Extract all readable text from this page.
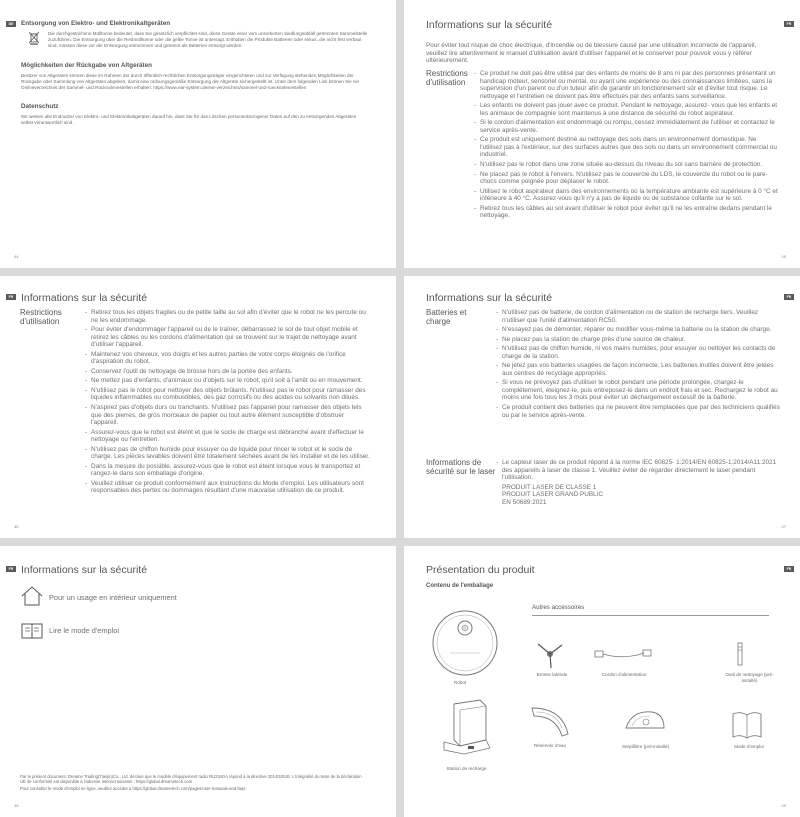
DE	Entsorgung von Elektro- und Elektronikaltgeräten
Die durchgestrichene Mülltonne bedeutet, dass Sie gesetzlich verpflichtet sind, diese Geräte einer vom unsortierten Siedlungsabfall getrennten Sammelstelle zuzuführen. Die Entsorgung über die Restmülltonne oder die gelbe Tonne ist untersagt. Enthalten die Produkte Batterien oder Akkus, die nicht fest verbaut sind, müssen diese vor der Entsorgung entnommen und getrennt als Batterien entsorgt werden.
Möglichkeiten der Rückgabe von Altgeräten
Besitzer von Altgeräten können diese im Rahmen der durch öffentlich-rechtlichen Entsorgungsträger eingerichteten und zur Verfügung stehenden Möglichkeiten der Rückgabe oder Sammlung von Altgeräten abgeben, damit eine ordnungsgemäße Entsorgung der Altgeräte sichergestellt ist. Unter dem folgenden Link können Sie ein Onlineverzeichnis der Sammel- und Rücknahmestellen erhalten: https://www.ear-system.de/ear-verzeichnis/sammel-und-ruecknahmestellen
Datenschutz
Wir weisen alle Endnutzer von Elektro- und Elektronikaltgeräten darauf hin, dass Sie für das Löschen personenbezogener Daten auf den zu entsorgenden Altgeräten selbst verantwortlich sind.
44
FR
Informations sur la sécurité
Pour éviter tout risque de choc électrique, d'incendie ou de blessure causé par une utilisation incorrecte de l'appareil, veuillez lire attentivement le manuel d'utilisation avant d'utiliser l'appareil et le conserver pour pouvoir vous y référer ultérieurement.
Restrictions d'utilisation
- Ce produit ne doit pas être utilisé par des enfants de moins de 8 ans ni par des personnes présentant un handicap moteur, sensoriel ou mental, ou ayant une expérience ou des connaissances limitées, sans la supervision d'un parent ou d'un tuteur afin de garantir un fonctionnement sûr et d'éviter tout risque. Le nettoyage et l'entretien ne doivent pas être effectués par des enfants sans surveillance.
- Les enfants ne doivent pas jouer avec ce produit. Pendant le nettoyage, assurez- vous que les enfants et les animaux de compagnie sont maintenus à une distance de sécurité du robot aspirateur.
- Si le cordon d'alimentation est endommagé ou rompu, cessez immédiatement de l'utiliser et contactez le service après-vente.
- Ce produit est uniquement destiné au nettoyage des sols dans un environnement domestique. Ne l'utilisez pas à l'extérieur, sur des surfaces autres que des sols ou dans un environnement commercial ou industriel.
- N'utilisez pas le robot dans une zone située au-dessus du niveau du sol sans barrière de protection.
- Ne placez pas le robot à l'envers. N'utilisez pas le couvercle du LDS, le couvercle du robot ou le pare-chocs comme poignée pour déplacer le robot.
- Utilisez le robot aspirateur dans des environnements où la température ambiante est supérieure à 0 °C et inférieure à 40 °C. Assurez-vous qu'il n'y a pas de liquide ou de substance collante sur le sol.
- Retirez tous les câbles au sol avant d'utiliser le robot pour éviter qu'il ne les entraîne dedans pendant le nettoyage.
45
FR Informations sur la sécurité
Restrictions d'utilisation
- Retirez tous les objets fragiles ou de petite taille au sol afin d'éviter que le robot ne les percute ou ne les endommage.
- Pour éviter d'endommager l'appareil ou de le traîner, débarrassez le sol de tout objet mobile et retirez les câbles ou les cordons d'alimentation qui se trouvent sur le trajet de nettoyage avant d'utiliser l'appareil.
- Maintenez vos cheveux, vos doigts et les autres parties de votre corps éloignés de l'orifice d'aspiration du robot.
- Conservez l'outil de nettoyage de brosse hors de la portée des enfants.
- Ne mettez pas d'enfants, d'animaux ou d'objets sur le robot, qu'il soit à l'arrêt ou en mouvement.
- N'utilisez pas le robot pour nettoyer des objets brûlants. N'utilisez pas le robot pour ramasser des liquides inflammables ou combustibles, des gaz corrosifs ou des acides ou solvants non dilués.
- N'aspirez pas d'objets durs ou tranchants. N'utilisez pas l'appareil pour ramasser des objets tels que des pierres, de gros morceaux de papier ou tout autre élément susceptible d'obstruer l'appareil.
- Assurez-vous que le robot est éteint et que le socle de charge est débranché avant d'effectuer le nettoyage ou l'entretien.
- N'utilisez pas de chiffon humide pour essuyer ou de liquide pour rincer le robot et le socle de charge. Les pièces lavables doivent être totalement séchées avant de les installer et de les utiliser.
- Dans la mesure du possible, assurez-vous que le robot est éteint lorsque vous le transportez et rangez-le dans son emballage d'origine.
- Veuillez utiliser ce produit conformément aux instructions du Mode d'emploi. Les utilisateurs sont responsables des pertes ou dommages résultant d'une mauvaise utilisation de ce produit.
46
FR
Informations sur la sécurité
Batteries et charge
- N'utilisez pas de batterie, de cordon d'alimentation ou de station de recharge tiers. Veuillez n'utiliser que l'unité d'alimentation RC50.
- N'essayez pas de démonter, réparer ou modifier vous-même la batterie ou la station de charge.
- Ne placez pas la station de charge près d'une source de chaleur.
- N'utilisez pas de chiffon humide, ni vos mains humides, pour essuyer ou nettoyer les contacts de charge de la station.
- Ne jetez pas vos batteries usagées de façon incorrecte. Les batteries inutiles doivent être jetées aux centres de recyclage appropriés.
- Si vous ne prévoyez pas d'utiliser le robot pendant une période prolongée, chargez-le complètement, éteignez-le, puis entreposez-le dans un endroit frais et sec. Rechargez le robot au moins une fois tous les 3 mois pour éviter un déchargement excessif de la batterie.
- Ce produit contient des batteries qui ne peuvent être remplacées que par des techniciens qualifiés ou par le service après-vente.
Informations de sécurité sur le laser
- Le capteur laser de ce produit répond à la norme IEC 60825- 1:2014/EN 60825-1:2014/A11:2021 des appareils à laser de classe 1. Veuillez éviter de regarder directement le laser pendant l'utilisation.
PRODUIT LASER DE CLASSE 1
PRODUIT LASER GRAND PUBLIC
EN 50689:2021
47
FR Informations sur la sécurité
Pour un usage en intérieur uniquement
Lire le mode d'emploi
Par le présent document, Dreame Trading(Tianjin)Co., Ltd. déclare que le modèle d'équipement radio RLD34GA répond à la directive 2014/53/UE. L'intégralité du texte de la déclaration UE de conformité est disponible à l'adresse Internet suivante : https://global.dreametech.com
Pour consulter le mode d'emploi en ligne, veuillez accéder à https://global.dreametech.com/pages/user-manuals-and-faqs
48
FR
Présentation du produit
Contenu de l'emballage
Autres accessoires
Robot
Brosse latérale	Cordon d'alimentation	Outil de nettoyage (pré-installé)
Station de recharge
Réservoir d'eau	Serpillière (pré-installé)	Mode d'emploi
49
